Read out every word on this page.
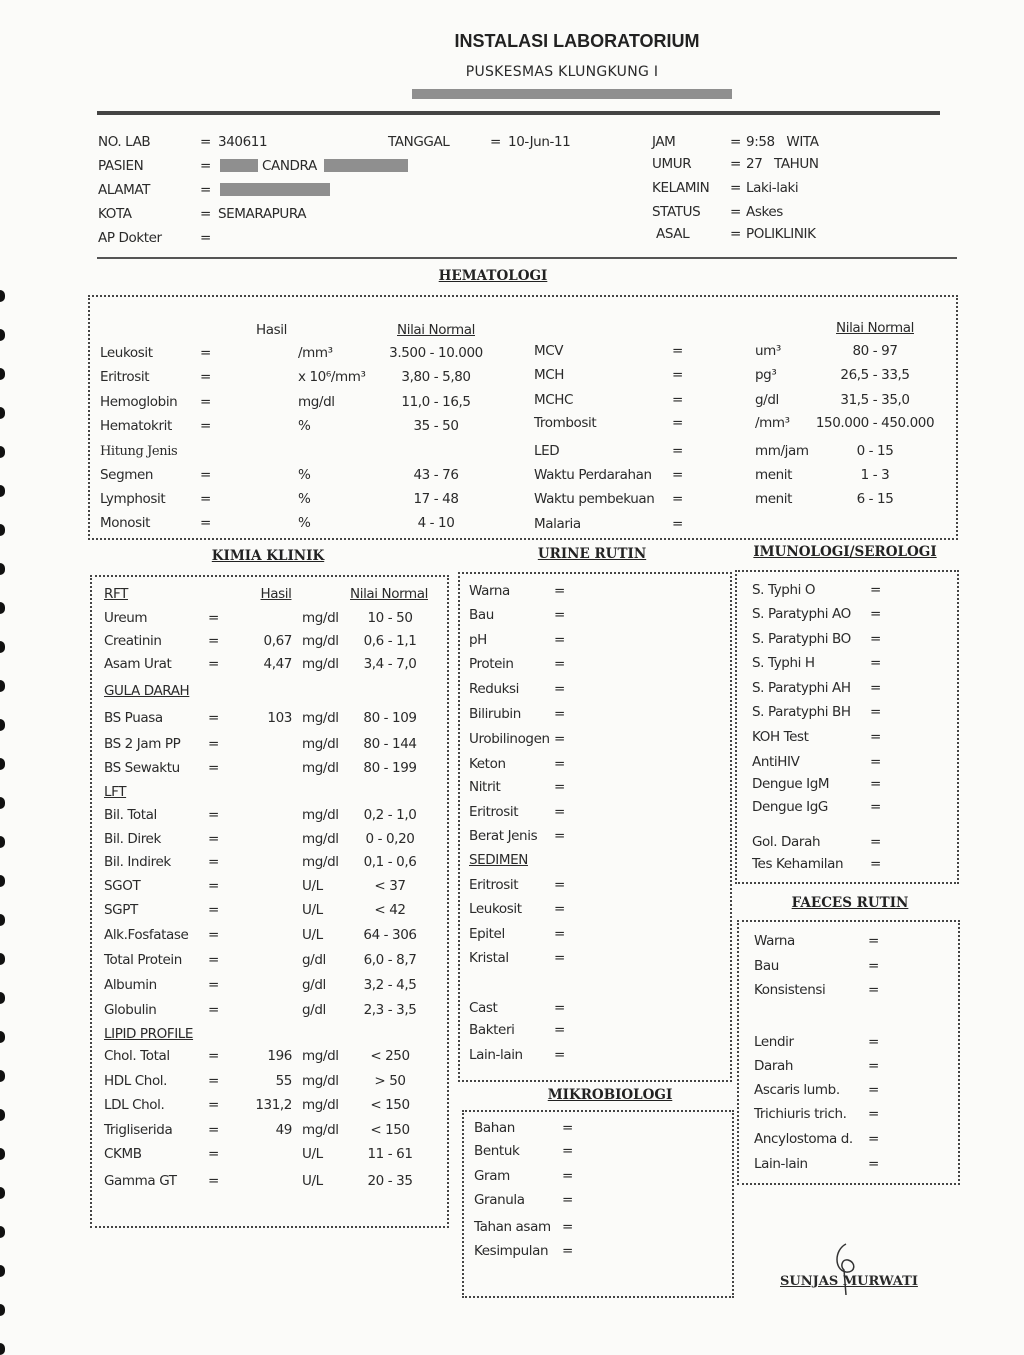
INSTALASI LABORATORIUM
PUSKESMAS KLUNGKUNG I
NO. LAB	= 340611
PASIEN	=	CANDRA
ALAMAT	=
KOTA	= SEMARAPURA
AP Dokter	=
TANGGAL	= 10-Jun-11	JAM	= 9:58   WITA
UMUR	= 27   TAHUN
KELAMIN = Laki-laki
STATUS = Askes
ASAL	= POLIKLINIK
HEMATOLOGI
KIMIA KLINIK	URINE RUTIN	IMUNOLOGI/SEROLOGI
FAECES RUTIN
MIKROBIOLOGI
Hasil	Nilai Normal	Nilai Normal
Leukosit	=	/mm³	3.500 - 10.000
Eritrosit	=	x 10⁶/mm³	3,80 - 5,80
Hemoglobin =	mg/dl	11,0 - 16,5
Hematokrit =	%	35 - 50
Hitung Jenis
Segmen	=	%	43 - 76
Lymphosit	=	%	17 - 48
Monosit	=	%	4 - 10
MCV	=	um³	80 - 97
MCH	=	pg³	26,5 - 33,5
MCHC	=	g/dl	31,5 - 35,0
Trombosit	=	/mm³ 150.000 - 450.000
LED	=	mm/jam	0 - 15
Waktu Perdarahan =	menit	1 - 3
Waktu pembekuan =	menit	6 - 15
Malaria	=
Hasil	Nilai Normal
RFT
Ureum	=	mg/dl 10 - 50
Creatinin	=	0,67 mg/dl 0,6 - 1,1
Asam Urat	=	4,47 mg/dl 3,4 - 7,0
GULA DARAH
BS Puasa	=	103 mg/dl 80 - 109
BS 2 Jam PP =	mg/dl 80 - 144
BS Sewaktu =	mg/dl 80 - 199
LFT
Bil. Total	=	mg/dl 0,2 - 1,0
Bil. Direk	=	mg/dl 0 - 0,20
Bil. Indirek	=	mg/dl 0,1 - 0,6
SGOT	=	U/L	< 37
SGPT	=	U/L	< 42
Alk.Fosfatase =	U/L	64 - 306
Total Protein =	g/dl	6,0 - 8,7
Albumin	=	g/dl	3,2 - 4,5
Globulin	=	g/dl	2,3 - 3,5
LIPID PROFILE
Chol. Total	=	196 mg/dl < 250
HDL Chol.	=	55 mg/dl	> 50
LDL Chol.	=	131,2 mg/dl < 150
Trigliserida	=	49 mg/dl < 150
CKMB	=	U/L	11 - 61
Gamma GT =	U/L	20 - 35
Warna	=
Bau	=
pH	=
Protein	=
Reduksi	=
Bilirubin =
Urobilinogen =
Keton	=
Nitrit	=
Eritrosit	=
Berat Jenis =
SEDIMEN
Eritrosit	=
Leukosit =
Epitel	=
Kristal	=
Cast	=
Bakteri	=
Lain-lain =
Bahan	=
Bentuk	=
Gram	=
Granula	=
Tahan asam =
Kesimpulan =
S. Typhi O	=
S. Paratyphi AO =
S. Paratyphi BO =
S. Typhi H	=
S. Paratyphi AH =
S. Paratyphi BH =
KOH Test	=
AntiHIV	=
Dengue IgM	=
Dengue IgG	=
Gol. Darah	=
Tes Kehamilan =
Warna	=
Bau	=
Konsistensi	=
Lendir	=
Darah	=
Ascaris lumb. =
Trichiuris trich. =
Ancylostoma d. =
Lain-lain	=
SUNJAS MURWATI
